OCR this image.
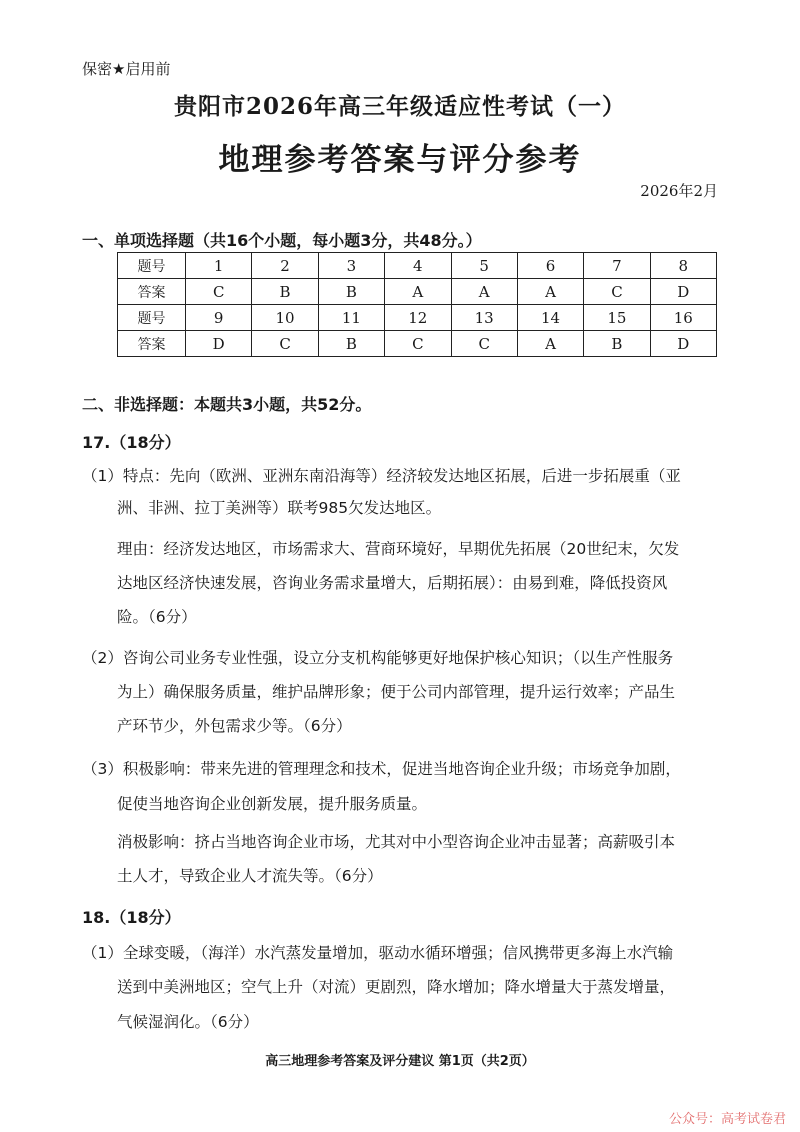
保密★启用前
贵阳市2026年高三年级适应性考试（一）
地理参考答案与评分参考
2026年2月
一、单项选择题（共16个小题，每小题3分，共48分。）
题号	1	2	3	4	5	6	7	8
答案	C	B	B	A	A	A	C	D
题号	9	10	11	12	13	14	15	16
答案	D	C	B	C	C	A	B	D
二、非选择题：本题共3小题，共52分。
17.（18分）
（1）特点：先向（欧洲、亚洲东南沿海等）经济较发达地区拓展，后进一步拓展重（亚
洲、非洲、拉丁美洲等）联考985欠发达地区。
理由：经济发达地区，市场需求大、营商环境好，早期优先拓展（20世纪末，欠发
达地区经济快速发展，咨询业务需求量增大，后期拓展）：由易到难，降低投资风
险。（6分）
（2）咨询公司业务专业性强，设立分支机构能够更好地保护核心知识；（以生产性服务
为上）确保服务质量，维护品牌形象；便于公司内部管理，提升运行效率；产品生
产环节少，外包需求少等。（6分）
（3）积极影响：带来先进的管理理念和技术，促进当地咨询企业升级；市场竞争加剧，
促使当地咨询企业创新发展，提升服务质量。
消极影响：挤占当地咨询企业市场，尤其对中小型咨询企业冲击显著；高薪吸引本
土人才，导致企业人才流失等。（6分）
18.（18分）
（1）全球变暖，（海洋）水汽蒸发量增加，驱动水循环增强；信风携带更多海上水汽输
送到中美洲地区；空气上升（对流）更剧烈，降水增加；降水增量大于蒸发增量，
气候湿润化。（6分）
高三地理参考答案及评分建议 第1页（共2页）
公众号：高考试卷君
